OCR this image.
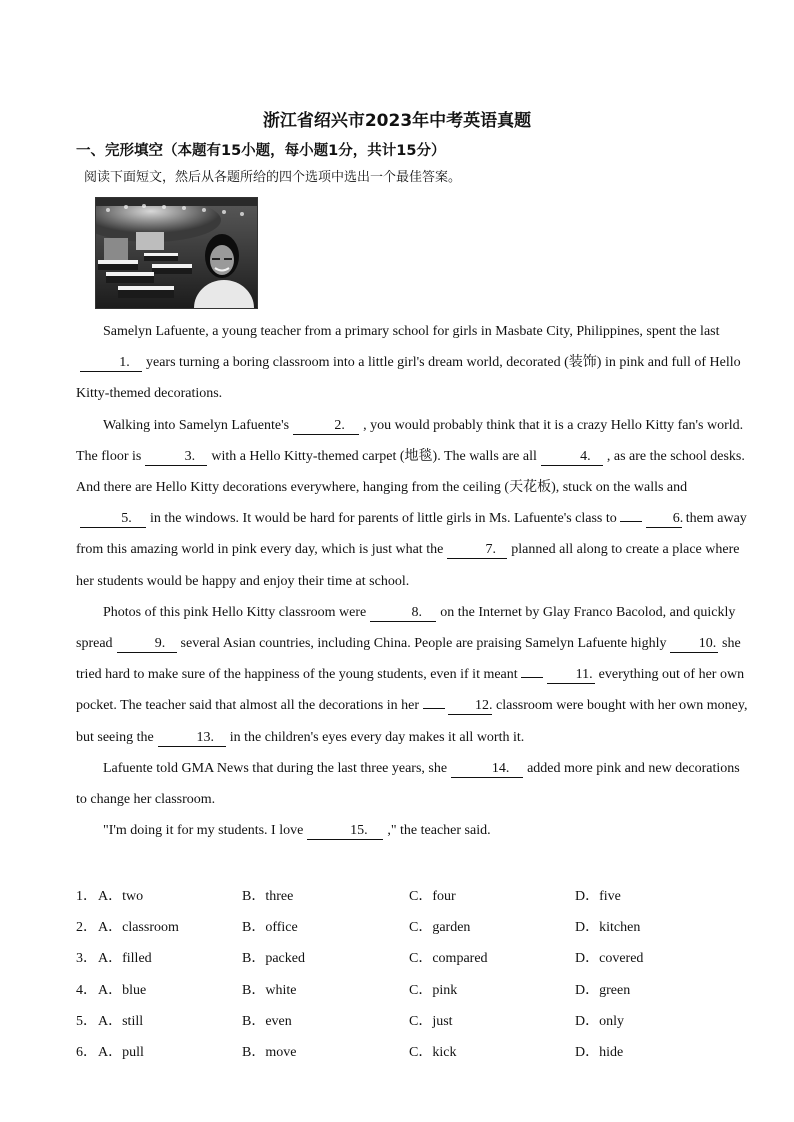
浙江省绍兴市2023年中考英语真题
一、完形填空（本题有15小题，每小题1分，共计15分）
阅读下面短文，然后从各题所给的四个选项中选出一个最佳答案。

Samelyn Lafuente, a young teacher from a primary school for girls in Masbate City, Philippines, spent the last1. years turning a boring classroom into a little girl's dream world, decorated (装饰) in pink and full of Hello Kitty-themed decorations.

Walking into Samelyn Lafuente's	2. , you would probably think that it is a crazy Hello Kitty fan's world. The floor is	3. with a Hello Kitty-themed carpet (地毯). The walls are all	4. , as are the school desks. And there are Hello Kitty decorations everywhere, hanging from the ceiling (天花板), stuck on the walls and5. in the windows. It would be hard for parents of little girls in Ms. Lafuente's class to	6. them away from this amazing world in pink every day, which is just what the	7. planned all along to create a place where her students would be happy and enjoy their time at school.

Photos of this pink Hello Kitty classroom were	8. on the Internet by Glay Franco Bacolod, and quickly spread	9. several Asian countries, including China. People are praising Samelyn Lafuente highly 10. she tried hard to make sure of the happiness of the young students, even if it meant	11. everything out of her own pocket. The teacher said that almost all the decorations in her	12. classroom were bought with her own money, but seeing the	13. in the children's eyes every day makes it all worth it.

Lafuente told GMA News that during the last three years, she	14. added more pink and new decorations to change her classroom.

"I'm doing it for my students. I love	15. ," the teacher said.

1． A．two	B．three	C．four	D．five
2． A．classroom	B．office	C．garden	D．kitchen
3． A．filled	B．packed	C．compared	D．covered
4． A．blue	B．white	C．pink	D．green
5． A．still	B．even	C．just	D．only
6． A．pull	B．move	C．kick	D．hide
